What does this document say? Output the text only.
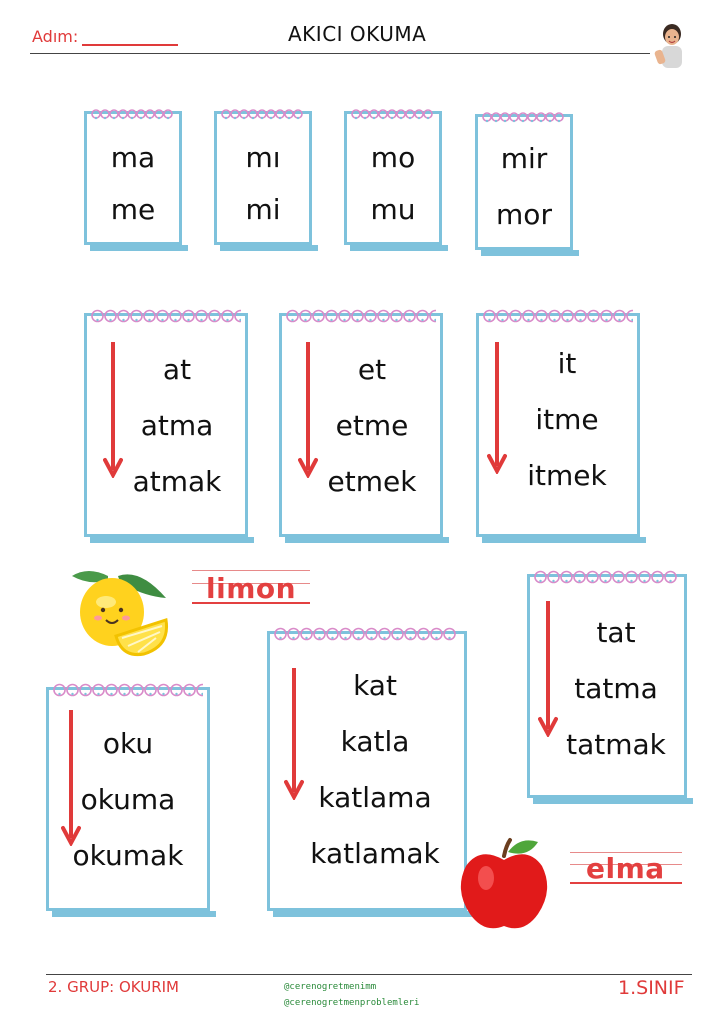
Adım:	AKICI OKUMA
ma
me
mı
mi
mo
mu
mir
mor
at
atma
atmak
et
etme
etmek
it
itme
itmek
limon
tat
tatma
tatmak
kat
katla
katlama
katlamak
oku
okuma
okumak	elma
2. GRUP: OKURIM	@cerenogretmenimm
@cerenogretmenproblemleri
1.SINIF
